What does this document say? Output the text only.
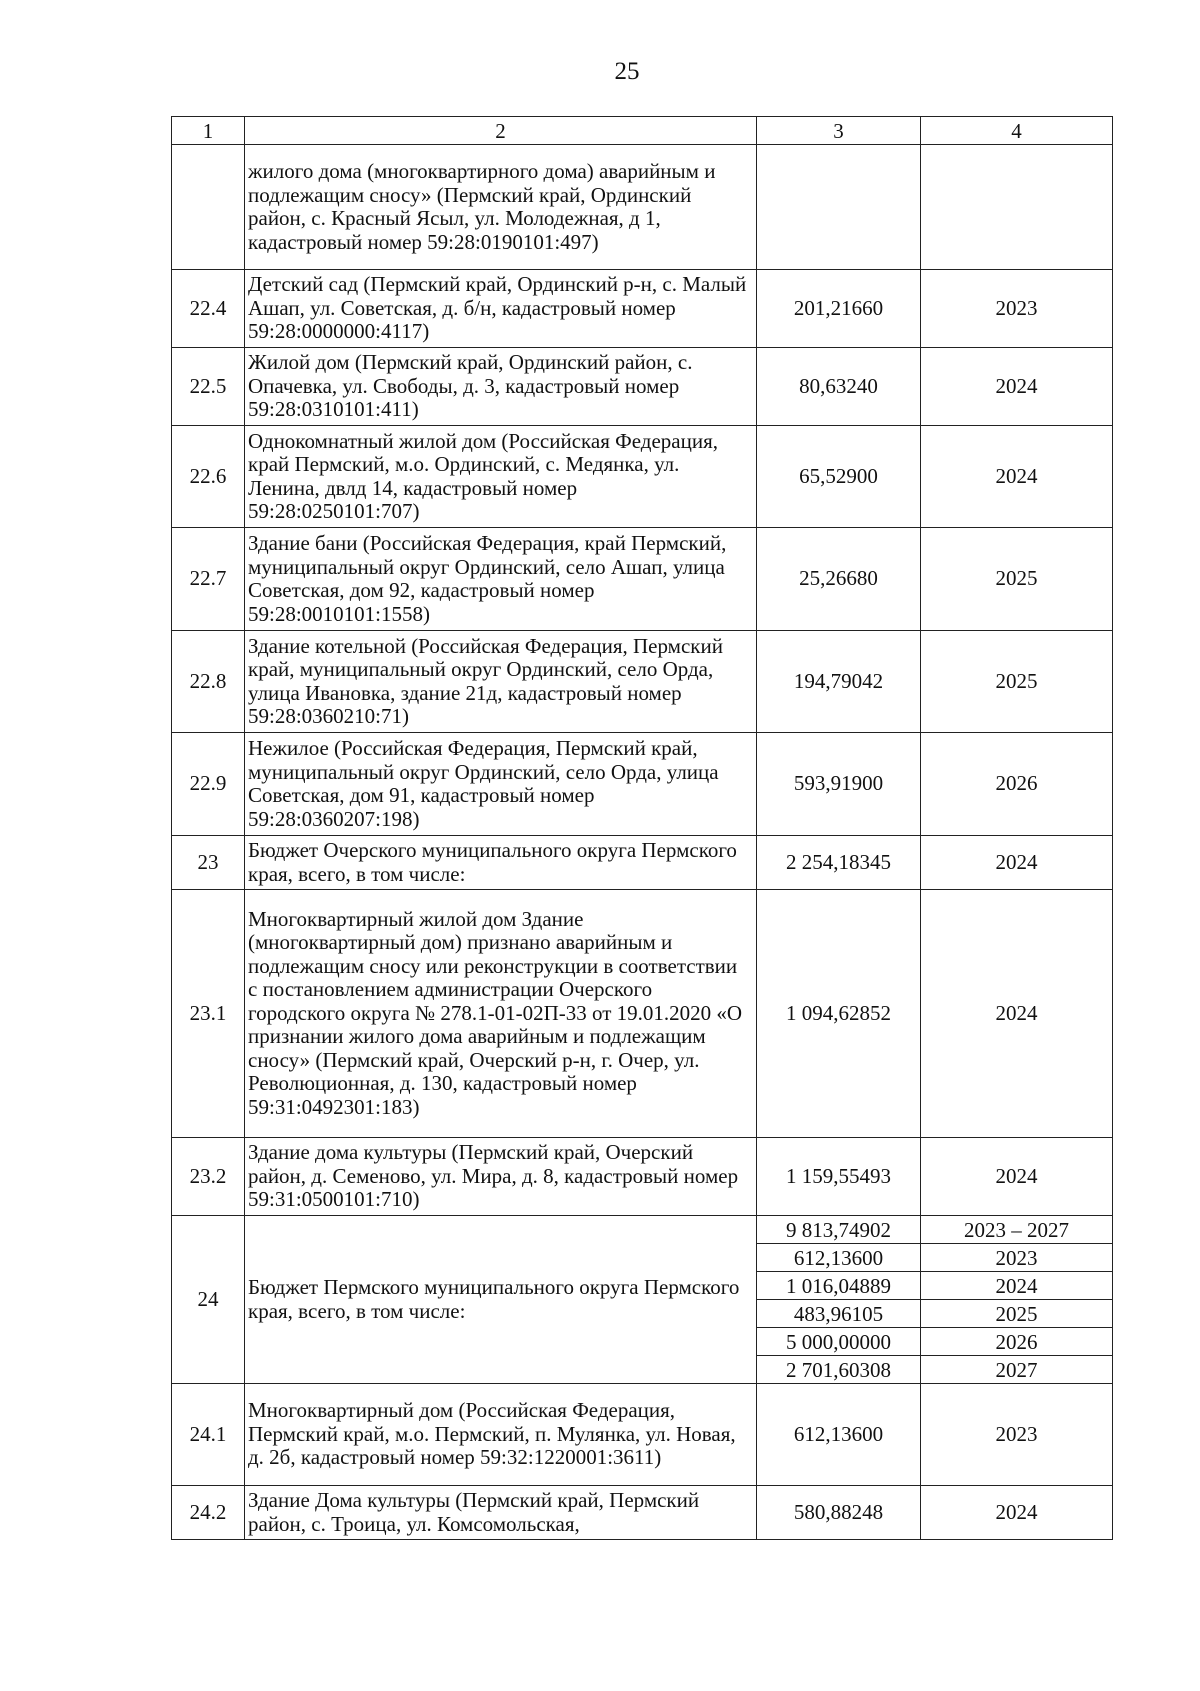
25
1	2	3	4
	жилого дома (многоквартирного дома) аварийным и подлежащим сносу» (Пермский край, Ординский район, с. Красный Ясыл, ул. Молодежная, д 1, кадастровый номер 59:28:0190101:497)		
22.4	Детский сад (Пермский край, Ординский р-н, с. Малый Ашап, ул. Советская, д. б/н, кадастровый номер 59:28:0000000:4117)	201,21660	2023
22.5	Жилой дом (Пермский край, Ординский район, с. Опачевка, ул. Свободы, д. 3, кадастровый номер 59:28:0310101:411)	80,63240	2024
22.6	Однокомнатный жилой дом (Российская Федерация, край Пермский, м.о. Ординский, с. Медянка, ул. Ленина, двлд 14, кадастровый номер 59:28:0250101:707)	65,52900	2024
22.7	Здание бани (Российская Федерация, край Пермский, муниципальный округ Ординский, село Ашап, улица Советская, дом 92, кадастровый номер 59:28:0010101:1558)	25,26680	2025
22.8	Здание котельной (Российская Федерация, Пермский край, муниципальный округ Ординский, село Орда, улица Ивановка, здание 21д, кадастровый номер 59:28:0360210:71)	194,79042	2025
22.9	Нежилое (Российская Федерация, Пермский край, муниципальный округ Ординский, село Орда, улица Советская, дом 91, кадастровый номер 59:28:0360207:198)	593,91900	2026
23	Бюджет Очерского муниципального округа Пермского края, всего, в том числе:	2 254,18345	2024
23.1	Многоквартирный жилой дом Здание (многоквартирный дом) признано аварийным и подлежащим сносу или реконструкции в соответствии с постановлением администрации Очерского городского округа № 278.1-01-02П-33 от 19.01.2020 «О признании жилого дома аварийным и подлежащим сносу» (Пермский край, Очерский р-н, г. Очер, ул. Революционная, д. 130, кадастровый номер 59:31:0492301:183)	1 094,62852	2024
23.2	Здание дома культуры (Пермский край, Очерский район, д. Семеново, ул. Мира, д. 8, кадастровый номер 59:31:0500101:710)	1 159,55493	2024
24	Бюджет Пермского муниципального округа Пермского края, всего, в том числе:	9 813,74902	2023 – 2027
		612,13600	2023
		1 016,04889	2024
		483,96105	2025
		5 000,00000	2026
		2 701,60308	2027
24.1	Многоквартирный дом (Российская Федерация, Пермский край, м.о. Пермский, п. Мулянка, ул. Новая, д. 2б, кадастровый номер 59:32:1220001:3611)	612,13600	2023
24.2	Здание Дома культуры (Пермский край, Пермский район, с. Троица, ул. Комсомольская,	580,88248	2024
